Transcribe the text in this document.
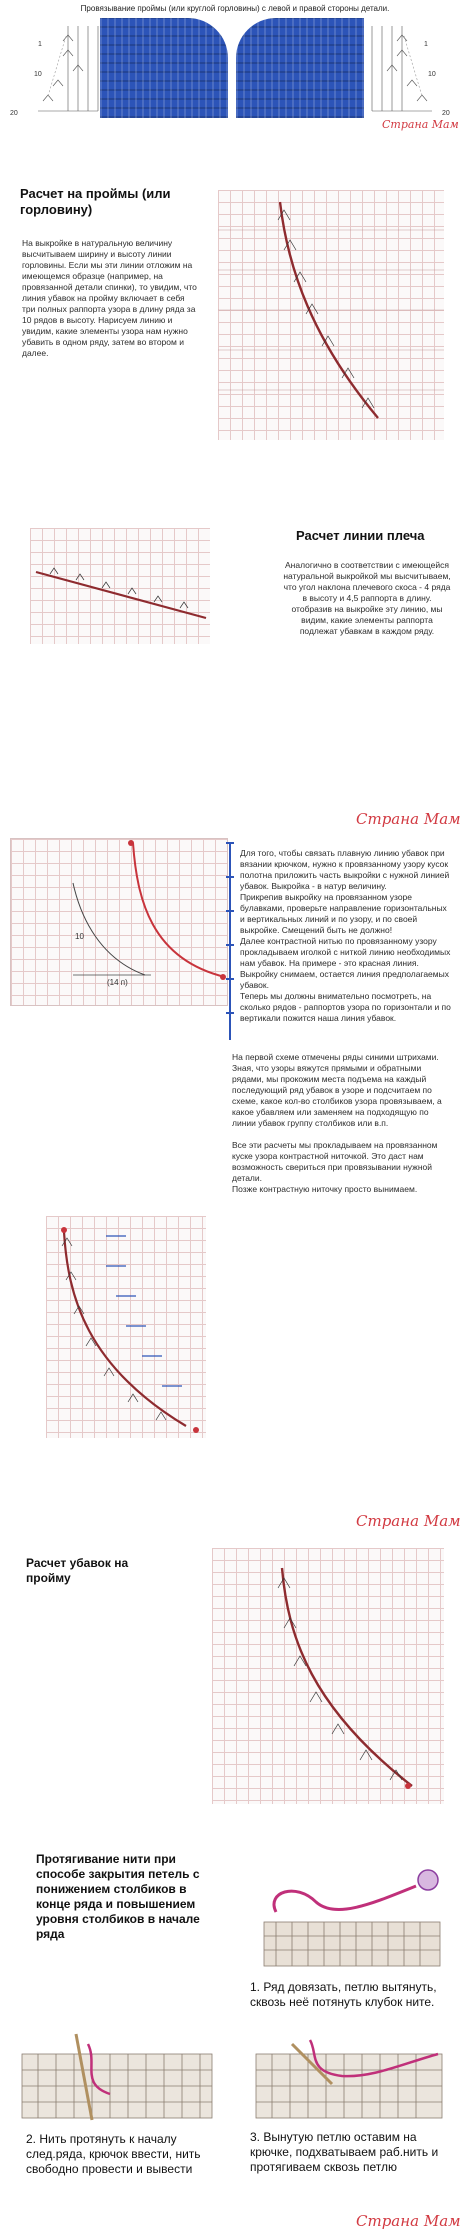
Провязывание проймы (или круглой горловины) с левой и правой стороны детали.
20
10
1
20
10
1
Страна Мам
Расчет на проймы (или горловину)
На выкройке в натуральную величину высчитываем ширину и высоту линии горловины. Если мы эти линии отложим на имеющемся образце (например, на провязанной детали спинки), то увидим, что линия убавок на пройму включает в себя три полных раппорта узора в длину ряда за 10 рядов в высоту. Нарисуем линию и увидим, какие элементы узора нам нужно убавить в одном ряду, затем во втором и далее.
Расчет линии плеча
Аналогично в соответствии с имеющейся натуральной выкройкой мы высчитываем, что угол наклона плечевого скоса - 4 ряда в высоту и 4,5 раппорта в длину. отобразив на выкройке эту линию, мы видим, какие элементы раппорта подлежат убавкам в каждом ряду.
Страна Мам
10
(14 п)
Для того, чтобы связать плавную линию убавок при вязании крючком, нужно к провязанному узору кусок полотна приложить часть выкройки с нужной линией убавок. Выкройка - в натур величину.
Прикрепив выкройку на провязанном узоре булавками, проверьте направление горизонтальных и вертикальных линий и по узору, и по своей выкройке. Смещений быть не должно!
Далее контрастной нитью по провязанному узору прокладываем иголкой с ниткой линию необходимых нам убавок. На примере - это красная линия. Выкройку снимаем, остается линия предполагаемых убавок.
Теперь мы должны внимательно посмотреть, на сколько рядов - раппортов узора по горизонтали и по вертикали пожится наша линия убавок.
На первой схеме отмечены ряды синими штрихами. Зная, что узоры вяжутся прямыми и обратными рядами, мы прокожим места подъема на каждый последующий ряд убавок в узоре и подсчитаем по схеме, какое кол-во столбиков узора провязываем, а какое убавляем или заменяем на подходящую по линии убавок группу столбиков или в.п.

Все эти расчеты мы прокладываем на провязанном куске узора контрастной ниточкой. Это даст нам возможность свериться при провязывании нужной детали.
Позже контрастную ниточку просто вынимаем.
Страна Мам
Расчет убавок на пройму
Протягивание нити при способе закрытия петель с понижением столбиков в конце ряда и повышением уровня столбиков в начале ряда
1. Ряд довязать, петлю вытянуть, сквозь неё потянуть клубок ните.
2. Нить протянуть к началу след.ряда, крючок ввести, нить свободно провести и вывести
3. Вынутую петлю оставим на крючке, подхватываем раб.нить и протягиваем сквозь петлю
Страна Мам
